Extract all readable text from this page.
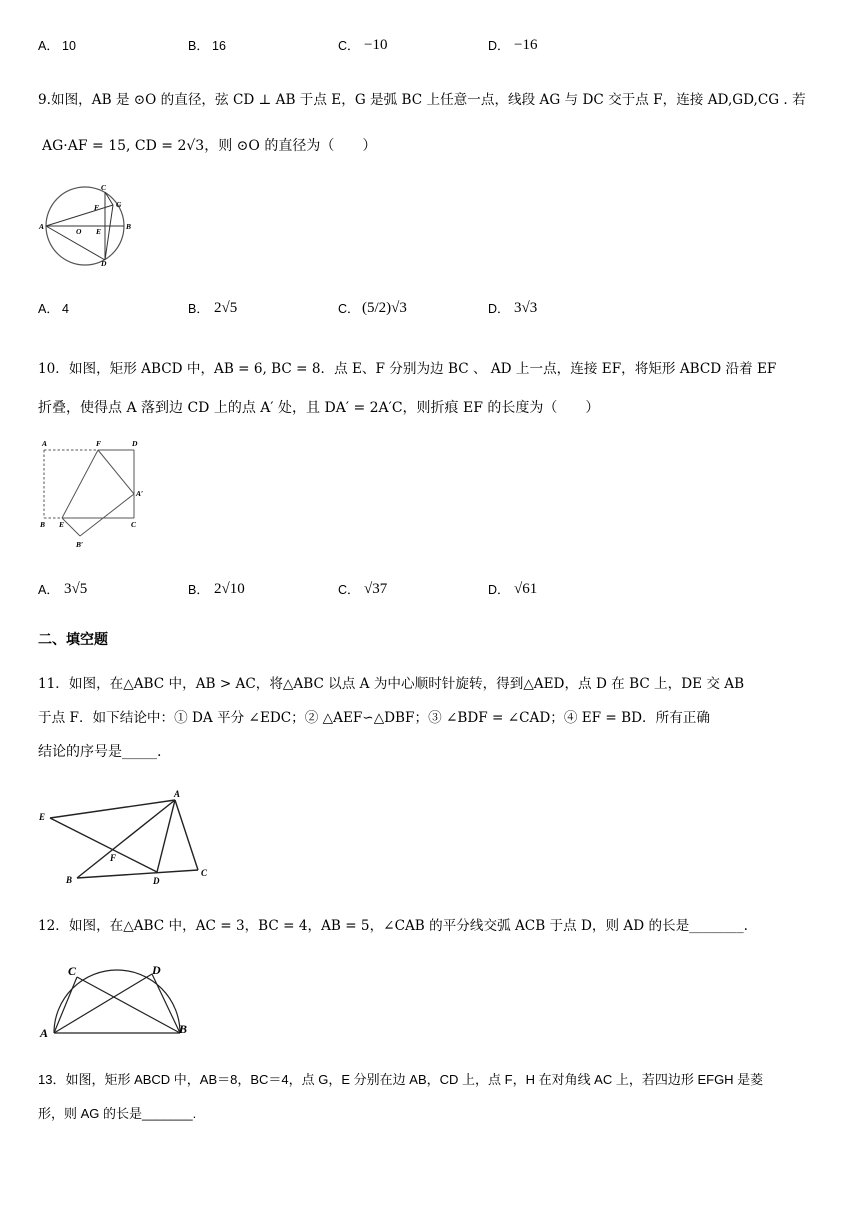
A． 10	B． 16	C． −10	D． −16
9.如图，AB 是 ⊙O 的直径，弦 CD ⊥ AB 于点 E，G 是弧 BC 上任意一点，线段 AG 与 DC 交于点 F，连接 AD,GD,CG . 若
AG·AF = 15, CD = 2√3，则 ⊙O 的直径为（　　）
A	B
C
D
O E
F G
A． 4	B． 2√5	C． (5/2)√3	D． 3√3
10．如图，矩形 ABCD 中，AB = 6, BC = 8．点 E、F 分别为边 BC 、 AD 上一点，连接 EF，将矩形 ABCD 沿着 EF
折叠，使得点 A 落到边 CD 上的点 A′ 处，且 DA′ = 2A′C，则折痕 EF 的长度为（　　）
A	F	D
A′
B E	C
B′
A． 3√5	B． 2√10	C． √37	D． √61
二、填空题
11．如图，在△ABC 中，AB > AC，将△ABC 以点 A 为中心顺时针旋转，得到△AED，点 D 在 BC 上，DE 交 AB
于点 F．如下结论中：① DA 平分 ∠EDC；② △AEF∽△DBF；③ ∠BDF = ∠CAD；④ EF = BD．所有正确
结论的序号是_____.
A
E
F
B	D
C
12．如图，在△ABC 中，AC = 3，BC = 4，AB = 5，∠CAB 的平分线交弧 ACB 于点 D，则 AD 的长是________.
C	D
A	B
13．如图，矩形 ABCD 中，AB＝8，BC＝4，点 G，E 分别在边 AB，CD 上，点 F，H 在对角线 AC 上，若四边形 EFGH 是菱
形，则 AG 的长是_______.
